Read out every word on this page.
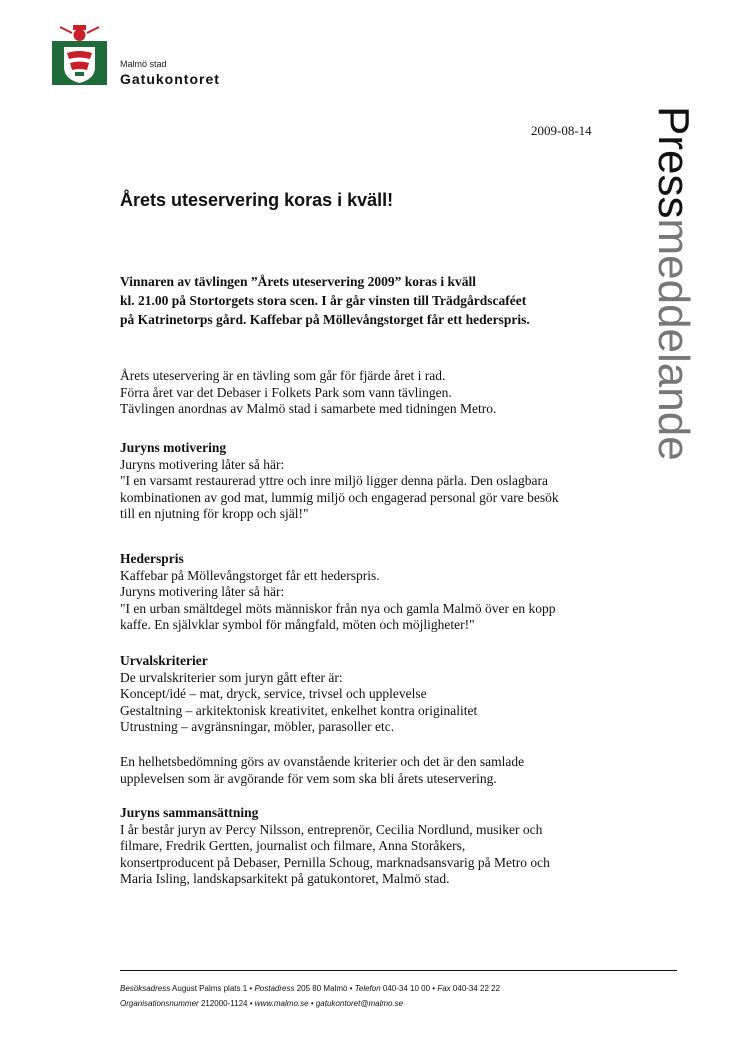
Malmö stad
Gatukontoret
2009-08-14 Pressmeddelande
Årets uteservering koras i kväll!
Vinnaren av tävlingen ”Årets uteservering 2009” koras i kväll
kl. 21.00 på Stortorgets stora scen. I år går vinsten till Trädgårdscaféet
på Katrinetorps gård. Kaffebar på Möllevångstorget får ett hederspris.
Årets uteservering är en tävling som går för fjärde året i rad.
Förra året var det Debaser i Folkets Park som vann tävlingen.
Tävlingen anordnas av Malmö stad i samarbete med tidningen Metro.
Juryns motivering
Juryns motivering låter så här:
"I en varsamt restaurerad yttre och inre miljö ligger denna pärla. Den oslagbara
kombinationen av god mat, lummig miljö och engagerad personal gör vare besök
till en njutning för kropp och själ!"
Hederspris
Kaffebar på Möllevångstorget får ett hederspris.
Juryns motivering låter så här:
"I en urban smältdegel möts människor från nya och gamla Malmö över en kopp
kaffe. En självklar symbol för mångfald, möten och möjligheter!"
Urvalskriterier
De urvalskriterier som juryn gått efter är:
Koncept/idé – mat, dryck, service, trivsel och upplevelse
Gestaltning – arkitektonisk kreativitet, enkelhet kontra originalitet
Utrustning – avgränsningar, möbler, parasoller etc.
En helhetsbedömning görs av ovanstående kriterier och det är den samlade
upplevelsen som är avgörande för vem som ska bli årets uteservering.
Juryns sammansättning
I år består juryn av Percy Nilsson, entreprenör, Cecilia Nordlund, musiker och
filmare, Fredrik Gertten, journalist och filmare, Anna Storåkers,
konsertproducent på Debaser, Pernilla Schoug, marknadsansvarig på Metro och
Maria Isling, landskapsarkitekt på gatukontoret, Malmö stad.
Besöksadress August Palms plats 1 • Postadress 205 80 Malmö • Telefon 040-34 10 00 • Fax 040-34 22 22
Organisationsnummer 212000-1124 • www.malmo.se • gatukontoret@malmo.se
